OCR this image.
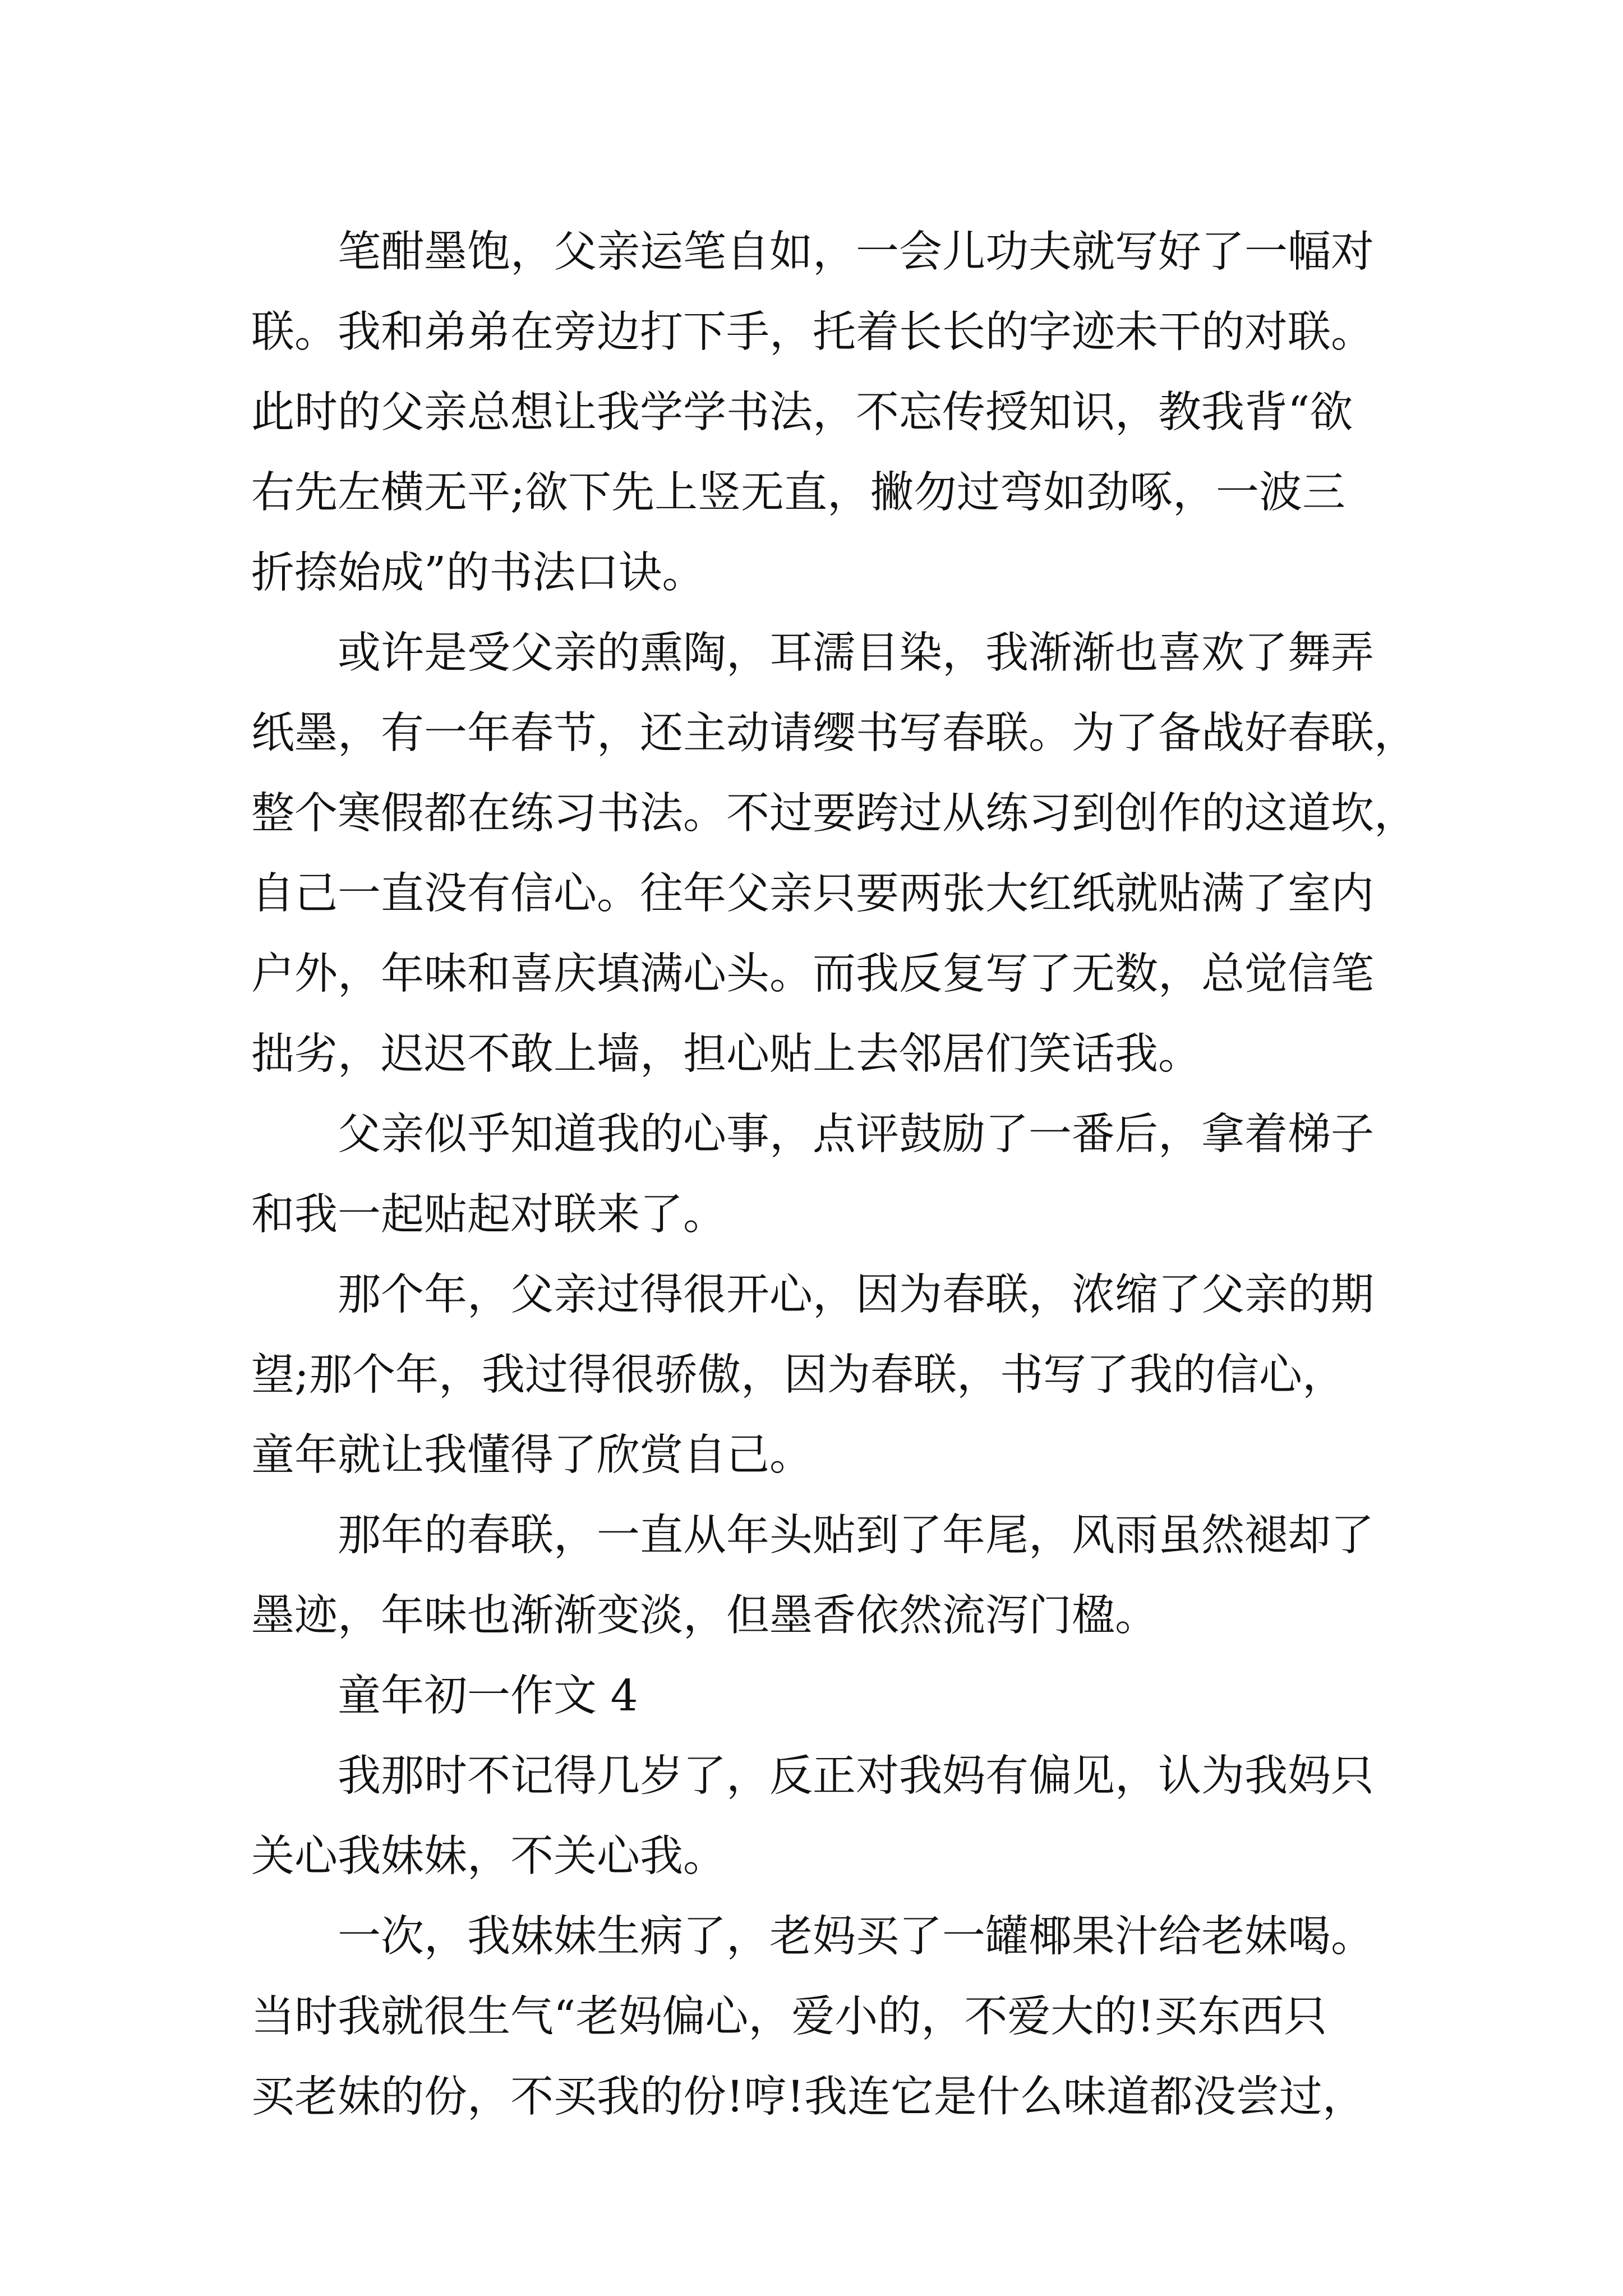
笔酣墨饱，父亲运笔自如，一会儿功夫就写好了一幅对
联。我和弟弟在旁边打下手，托着长长的字迹未干的对联。
此时的父亲总想让我学学书法，不忘传授知识，教我背“欲
右先左横无平;欲下先上竖无直，撇勿过弯如劲啄，一波三
折捺始成”的书法口诀。
或许是受父亲的熏陶，耳濡目染，我渐渐也喜欢了舞弄
纸墨，有一年春节，还主动请缨书写春联。为了备战好春联，
整个寒假都在练习书法。不过要跨过从练习到创作的这道坎，
自己一直没有信心。往年父亲只要两张大红纸就贴满了室内
户外，年味和喜庆填满心头。而我反复写了无数，总觉信笔
拙劣，迟迟不敢上墙，担心贴上去邻居们笑话我。
父亲似乎知道我的心事，点评鼓励了一番后，拿着梯子
和我一起贴起对联来了。
那个年，父亲过得很开心，因为春联，浓缩了父亲的期
望;那个年，我过得很骄傲，因为春联，书写了我的信心，
童年就让我懂得了欣赏自己。
那年的春联，一直从年头贴到了年尾，风雨虽然褪却了
墨迹，年味也渐渐变淡，但墨香依然流泻门楹。
童年初一作文 4
我那时不记得几岁了，反正对我妈有偏见，认为我妈只
关心我妹妹，不关心我。
一次，我妹妹生病了，老妈买了一罐椰果汁给老妹喝。
当时我就很生气“老妈偏心，爱小的，不爱大的!买东西只
买老妹的份，不买我的份!哼!我连它是什么味道都没尝过，
